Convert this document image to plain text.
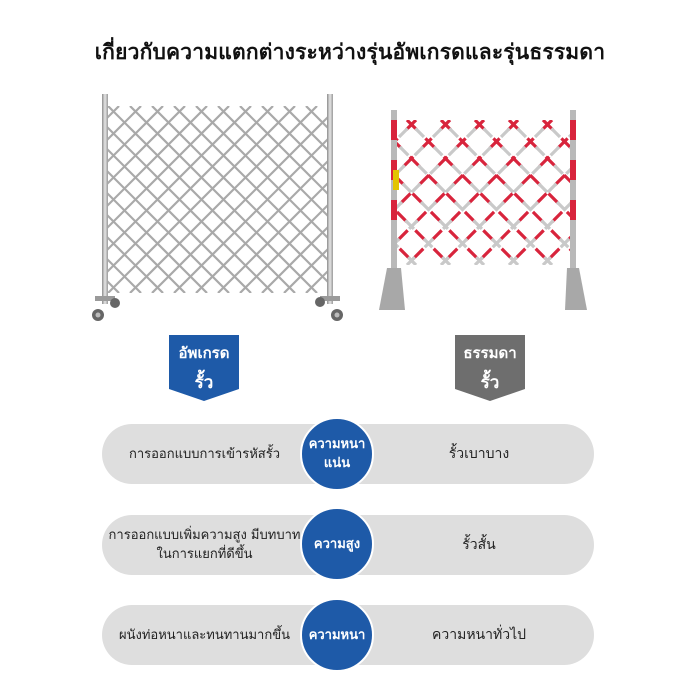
เกี่ยวกับความแตกต่างระหว่างรุ่นอัพเกรดและรุ่นธรรมดา
อัพเกรด
รั้ว
ธรรมดา
รั้ว
การออกแบบการเข้ารหัสรั้ว	รั้วเบาบาง
การออกแบบเพิ่มความสูง มีบทบาทในการแยกที่ดีขึ้น
รั้วสั้น
ผนังท่อหนาและทนทานมากขึ้น	ความหนาทั่วไป
ความหนาแน่น
ความสูง
ความหนา
